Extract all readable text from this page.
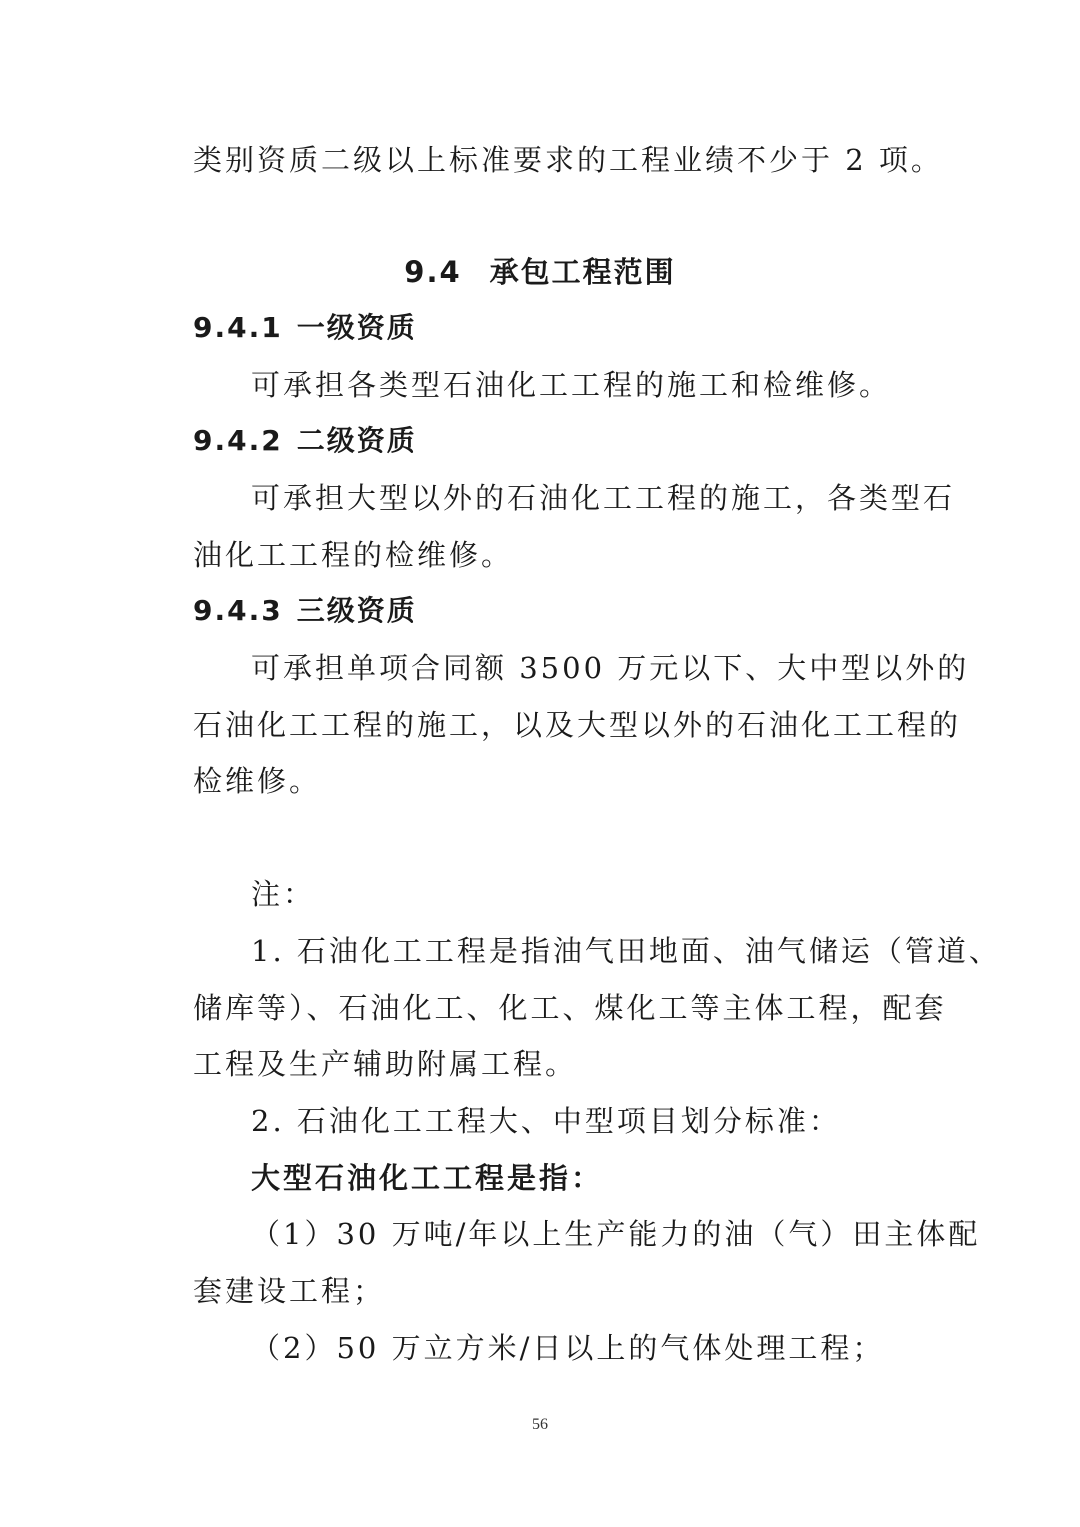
类别资质二级以上标准要求的工程业绩不少于 2 项。
9.4 承包工程范围
9.4.1 一级资质
可承担各类型石油化工工程的施工和检维修。
9.4.2 二级资质
可承担大型以外的石油化工工程的施工，各类型石
油化工工程的检维修。
9.4.3 三级资质
可承担单项合同额 3500 万元以下、大中型以外的
石油化工工程的施工，以及大型以外的石油化工工程的
检维修。
注：
1. 石油化工工程是指油气田地面、油气储运（管道、
储库等）、石油化工、化工、煤化工等主体工程，配套
工程及生产辅助附属工程。
2. 石油化工工程大、中型项目划分标准：
大型石油化工工程是指：
（1）30 万吨/年以上生产能力的油（气）田主体配
套建设工程；
（2）50 万立方米/日以上的气体处理工程；
56
